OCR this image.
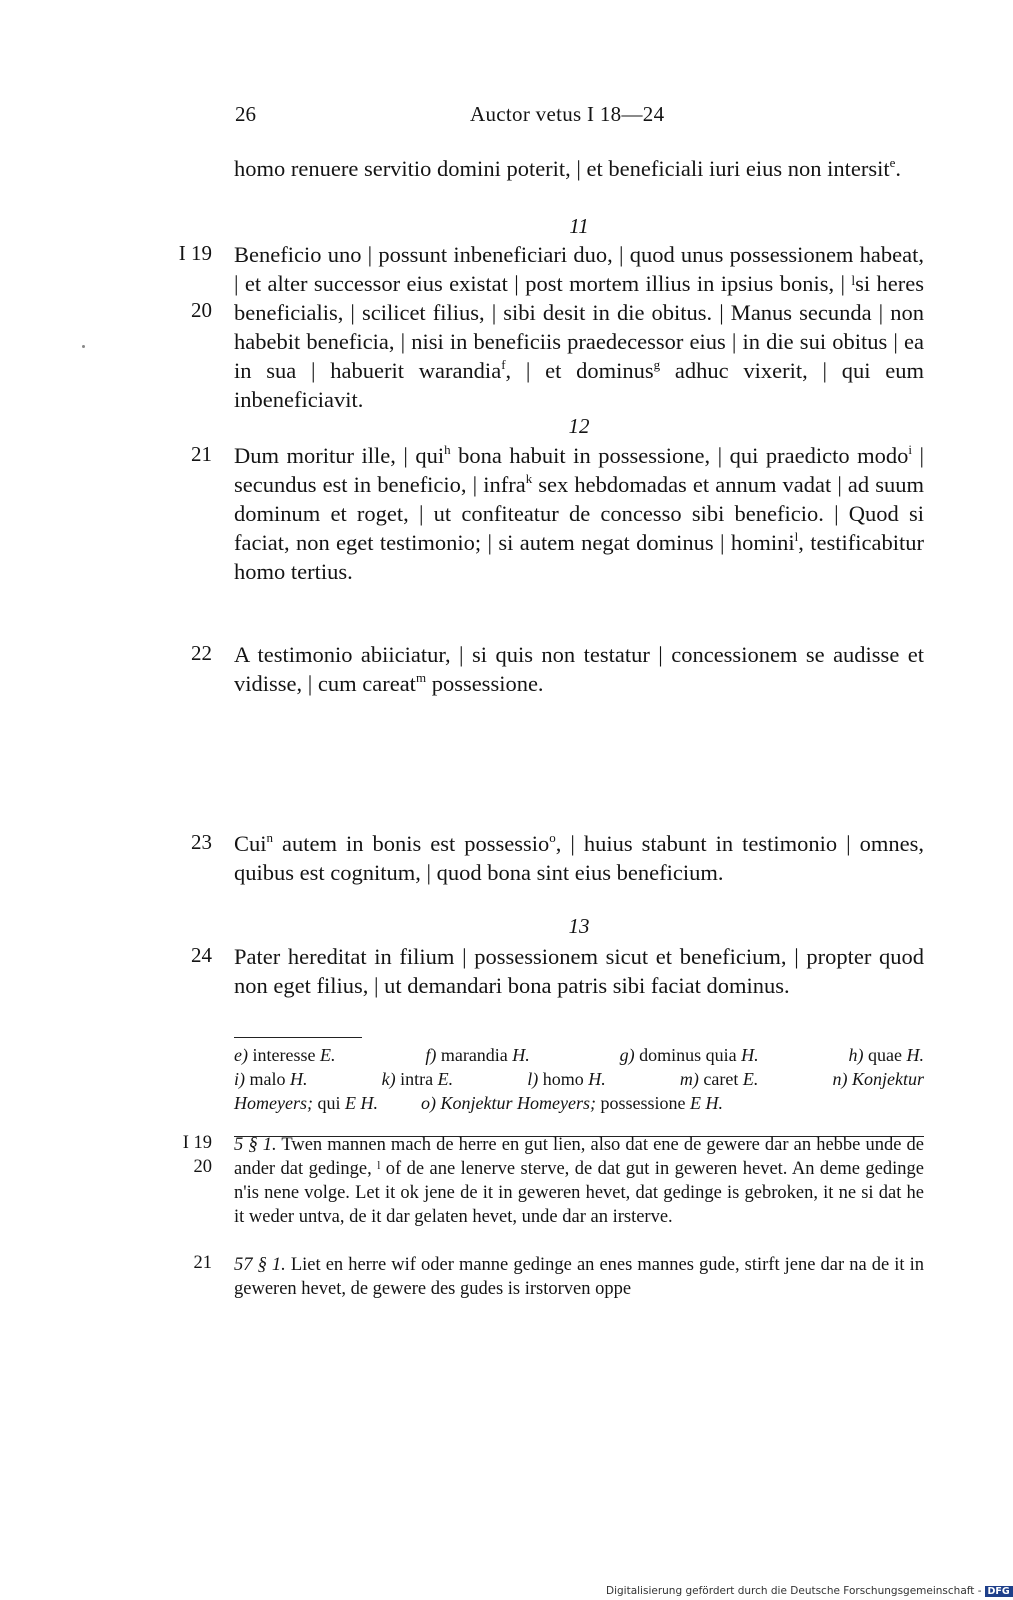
26	Auctor vetus I 18—24
homo renuere servitio domini poterit, | et beneficiali iuri eius non intersit$^e$.
11
I 19
20
Beneficio uno | possunt inbeneficiari duo, | quod unus possessionem habeat, | et alter successor eius existat | post mortem illius in ipsius bonis, | ˡsi heres beneficialis, | scilicet filius, | sibi desit in die obitus. | Manus secunda | non habebit beneficia, | nisi in beneficiis praedecessor eius | in die sui obitus | ea in sua | habuerit warandia$^f$, | et dominus$^g$ adhuc vixerit, | qui eum inbeneficiavit.
12
21 Dum moritur ille, | qui$^h$ bona habuit in possessione, | qui praedicto modo$^i$ | secundus est in beneficio, | infra$^k$ sex hebdomadas et annum vadat | ad suum dominum et roget, | ut confiteatur de concesso sibi beneficio. | Quod si faciat, non eget testimonio; | si autem negat dominus | homini$^l$, testificabitur homo tertius.
22 A testimonio abiiciatur, | si quis non testatur | concessionem se audisse et vidisse, | cum careat$^m$ possessione.
23 Cui$^n$ autem in bonis est possessio$^o$, | huius stabunt in testimonio | omnes, quibus est cognitum, | quod bona sint eius beneficium.
13
24 Pater hereditat in filium | possessionem sicut et beneficium, | propter quod non eget filius, | ut demandari bona patris sibi faciat dominus.
e) interesse E.	f) marandia H.	g) dominus quia H.	h) quae H.
i) malo H.	k) intra E.	l) homo H.	m) caret E.	n) Konjektur
Homeyers; qui E H. o) Konjektur Homeyers; possessione E H.
I 19
20
5 § 1. Twen mannen mach de herre en gut lien, also dat ene de gewere dar an hebbe unde de ander dat gedinge, ˡ of de ane lenerve sterve, de dat gut in geweren hevet. An deme gedinge n'is nene volge. Let it ok jene de it in geweren hevet, dat gedinge is gebroken, it ne si dat he it weder untva, de it dar gelaten hevet, unde dar an irsterve.
21 57 § 1. Liet en herre wif oder manne gedinge an enes mannes gude, stirft jene dar na de it in geweren hevet, de gewere des gudes is irstorven oppe
Digitalisierung gefördert durch die Deutsche Forschungsgemeinschaft - DFG
